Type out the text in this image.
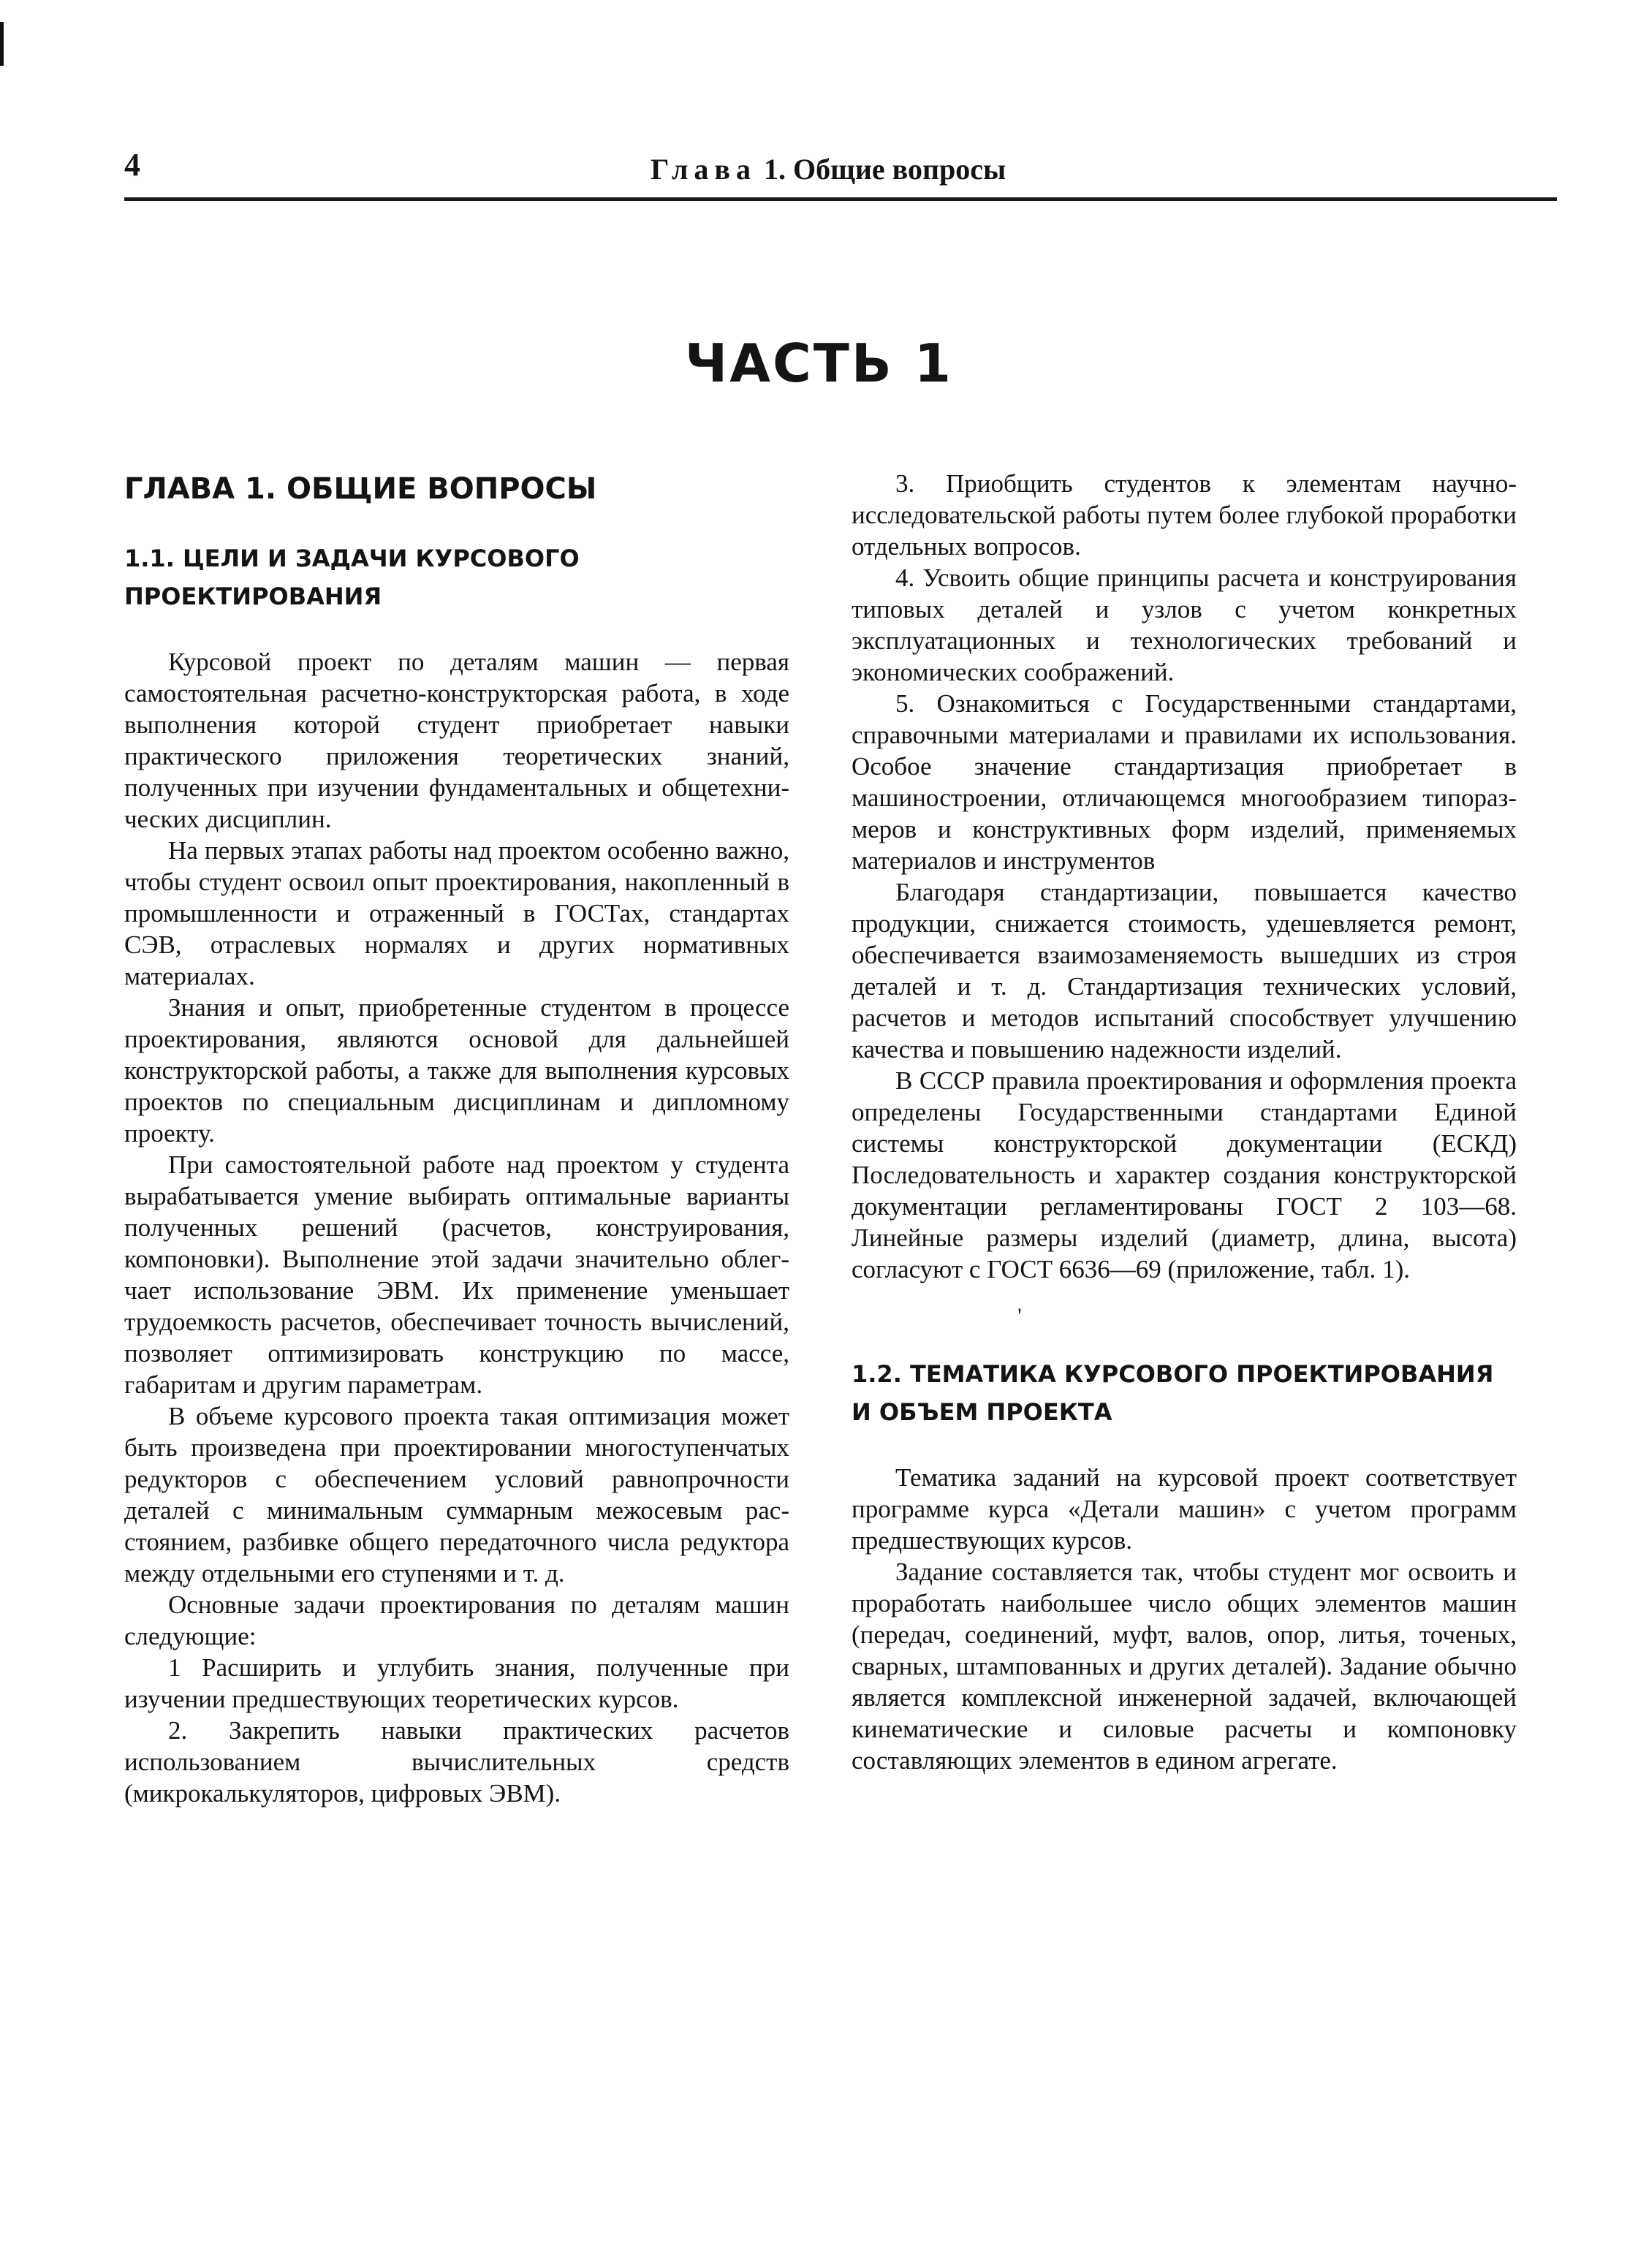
4	Глава 1. Общие вопросы
ЧАСТЬ 1
ГЛАВА 1. ОБЩИЕ ВОПРОСЫ
1.1. ЦЕЛИ И ЗАДАЧИ КУРСОВОГО ПРОЕКТИРОВАНИЯ

Курсовой проект по деталям машин — первая самостоятельная расчетно-конструкторская работа, в ходе выполнения которой студент приобретает навыки практического приложения теоретических знаний, полученных при изучении фундаментальных и общетехнических дисциплин.

На первых этапах работы над проектом особенно важно, чтобы студент освоил опыт проектирования, накопленный в промышленности и отраженный в ГОСТах, стандартах СЭВ, отраслевых нормалях и других нормативных материалах.

Знания и опыт, приобретенные студентом в процессе проектирования, являются основой для дальнейшей конструкторской работы, а также для выполнения курсовых проектов по специальным дисциплинам и дипломному проекту.

При самостоятельной работе над проектом у студента вырабатывается умение выбирать оптимальные варианты полученных решений (расчетов, конструирования, компоновки). Выполнение этой задачи значительно облегчает использование ЭВМ. Их применение уменьшает трудоемкость расчетов, обеспечивает точность вычислений, позволяет оптимизировать конструкцию по массе, габаритам и другим параметрам.

В объеме курсового проекта такая оптимизация может быть произведена при проектировании многоступенчатых редукторов с обеспечением условий равнопрочности деталей с минимальным суммарным межосевым расстоянием, разбивке общего передаточного числа редуктора между отдельными его ступенями и т. д.

Основные задачи проектирования по деталям машин следующие:

1 Расширить и углубить знания, полученные при изучении предшествующих теоретических курсов.

2. Закрепить навыки практических расчетов использованием вычислительных средств (микрокалькуляторов, цифровых ЭВМ).

3. Приобщить студентов к элементам научно-исследовательской работы путем более глубокой проработки отдельных вопросов.

4. Усвоить общие принципы расчета и конструирования типовых деталей и узлов с учетом конкретных эксплуатационных и технологических требований и экономических соображений.

5. Ознакомиться с Государственными стандартами, справочными материалами и правилами их использования. Особое значение стандартизация приобретает в машиностроении, отличающемся многообразием типоразмеров и конструктивных форм изделий, применяемых материалов и инструментов

Благодаря стандартизации, повышается качество продукции, снижается стоимость, удешевляется ремонт, обеспечивается взаимозаменяемость вышедших из строя деталей и т. д. Стандартизация технических условий, расчетов и методов испытаний способствует улучшению качества и повышению надежности изделий.

В СССР правила проектирования и оформления проекта определены Государственными стандартами Единой системы конструкторской документации (ЕСКД) Последовательность и характер создания конструкторской документации регламентированы ГОСТ 2 103—68. Линейные размеры изделий (диаметр, длина, высота) согласуют с ГОСТ 6636—69 (приложение, табл. 1).

'
1.2. ТЕМАТИКА КУРСОВОГО ПРОЕКТИРОВАНИЯ И ОБЪЕМ ПРОЕКТА

Тематика заданий на курсовой проект соответствует программе курса «Детали машин» с учетом программ предшествующих курсов.

Задание составляется так, чтобы студент мог освоить и проработать наибольшее число общих элементов машин (передач, соединений, муфт, валов, опор, литья, точеных, сварных, штампованных и других деталей). Задание обычно является комплексной инженерной задачей, включающей кинематические и силовые расчеты и компоновку составляющих элементов в едином агрегате.
